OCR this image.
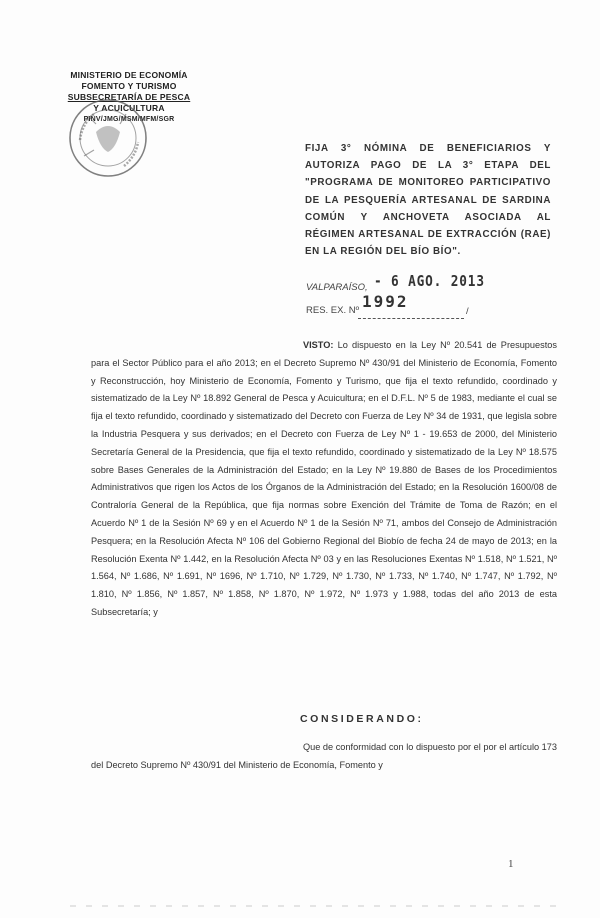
MINISTERIO DE ECONOMÍA
FOMENTO Y TURISMO
SUBSECRETARÍA DE PESCA
Y ACUICULTURA
PINV/JMG/MSM/MFM/SGR
FIJA 3° NÓMINA DE BENEFICIARIOS Y AUTORIZA PAGO DE LA 3° ETAPA DEL "PROGRAMA DE MONITOREO PARTICIPATIVO DE LA PESQUERÍA ARTESANAL DE SARDINA COMÚN Y ANCHOVETA ASOCIADA AL RÉGIMEN ARTESANAL DE EXTRACCIÓN (RAE) EN LA REGIÓN DEL BÍO BÍO".
VALPARAÍSO, - 6 AGO. 2013
RES. EX. Nº 1992
/

VISTO: Lo dispuesto en la Ley Nº 20.541 de Presupuestos para el Sector Público para el año 2013; en el Decreto Supremo Nº 430/91 del Ministerio de Economía, Fomento y Reconstrucción, hoy Ministerio de Economía, Fomento y Turismo, que fija el texto refundido, coordinado y sistematizado de la Ley Nº 18.892 General de Pesca y Acuicultura; en el D.F.L. Nº 5 de 1983, mediante el cual se fija el texto refundido, coordinado y sistematizado del Decreto con Fuerza de Ley Nº 34 de 1931, que legisla sobre la Industria Pesquera y sus derivados; en el Decreto con Fuerza de Ley Nº 1 - 19.653 de 2000, del Ministerio Secretaría General de la Presidencia, que fija el texto refundido, coordinado y sistematizado de la Ley Nº 18.575 sobre Bases Generales de la Administración del Estado; en la Ley Nº 19.880 de Bases de los Procedimientos Administrativos que rigen los Actos de los Órganos de la Administración del Estado; en la Resolución 1600/08 de Contraloría General de la República, que fija normas sobre Exención del Trámite de Toma de Razón; en el Acuerdo Nº 1 de la Sesión Nº 69 y en el Acuerdo Nº 1 de la Sesión Nº 71, ambos del Consejo de Administración Pesquera; en la Resolución Afecta Nº 106 del Gobierno Regional del Biobío de fecha 24 de mayo de 2013; en la Resolución Exenta Nº 1.442, en la Resolución Afecta Nº 03 y en las Resoluciones Exentas Nº 1.518, Nº 1.521, Nº 1.564, Nº 1.686, Nº 1.691, Nº 1696, Nº 1.710, Nº 1.729, Nº 1.730, Nº 1.733, Nº 1.740, Nº 1.747, Nº 1.792, Nº 1.810, Nº 1.856, Nº 1.857, Nº 1.858, Nº 1.870, Nº 1.972, Nº 1.973 y 1.988, todas del año 2013 de esta Subsecretaría; y

CONSIDERANDO:

Que de conformidad con lo dispuesto por el por el artículo 173 del Decreto Supremo Nº 430/91 del Ministerio de Economía, Fomento y

1
